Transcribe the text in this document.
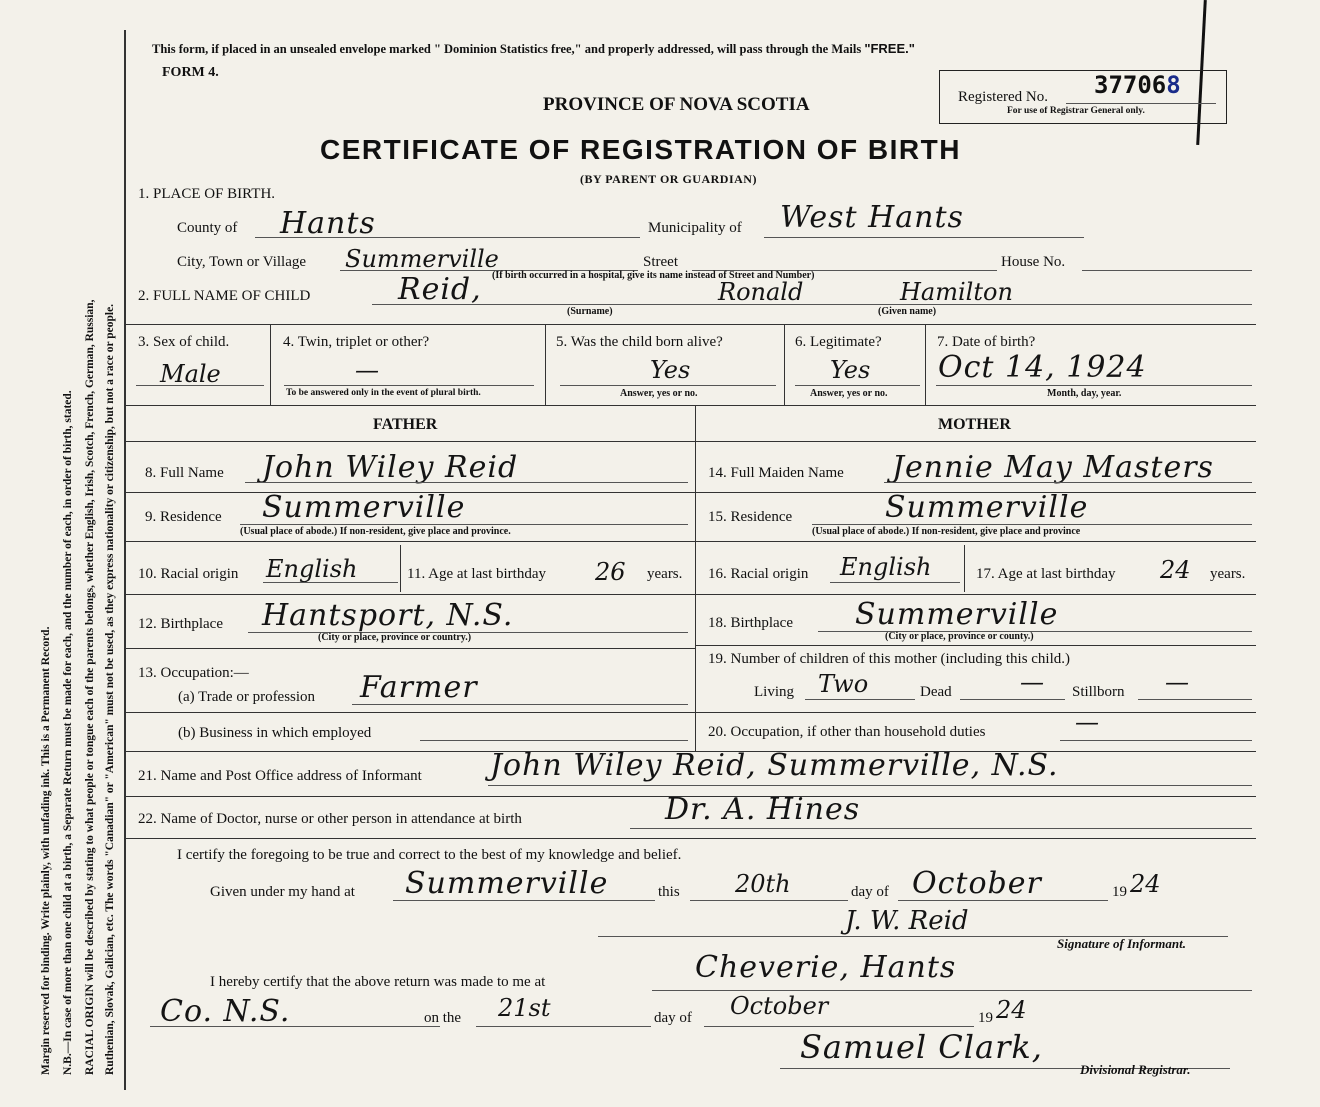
Margin reserved for binding. Write plainly, with unfading ink. This is a Permanent Record. N.B.—In case of more than one child at a birth, a Separate Return must be made for each, and the number of each, in order of birth, stated. RACIAL ORIGIN will be described by stating to what people or tongue each of the parents belongs, whether English, Irish, Scotch, French, German, Russian, Ruthenian, Slovak, Galician, etc. The words "Canadian" or "American" must not be used, as they express nationality or citizenship, but not a race or people.
This form, if placed in an unsealed envelope marked " Dominion Statistics free," and properly addressed, will pass through the Mails "FREE."
FORM 4.
PROVINCE OF NOVA SCOTIA
CERTIFICATE OF REGISTRATION OF BIRTH
(BY PARENT OR GUARDIAN)
Registered No. 377068
For use of Registrar General only.
1. PLACE OF BIRTH.
County of Hants	Municipality of West Hants
City, Town or Village Summerville	Street	House No.
(If birth occurred in a hospital, give its name instead of Street and Number)
2. FULL NAME OF CHILD	Reid,	Ronald	Hamilton
(Surname)	(Given name)
3. Sex of child.
Male
4. Twin, triplet or other?
—
To be answered only in the event of plural birth.
5. Was the child born alive?
Yes
Answer, yes or no.
6. Legitimate?
Yes
Answer, yes or no.
7. Date of birth?
Oct 14, 1924
Month, day, year.
FATHER
8. Full Name John Wiley Reid
9. Residence Summerville
(Usual place of abode.) If non-resident, give place and province.
10. Racial origin English	11. Age at last birthday 26 years.
12. Birthplace Hantsport, N.S.
(City or place, province or country.)
13. Occupation:—
(a) Trade or profession Farmer
(b) Business in which employed
MOTHER
14. Full Maiden Name Jennie May Masters
15. Residence	Summerville
(Usual place of abode.) If non-resident, give place and province
16. Racial origin English	17. Age at last birthday 24 years.
18. Birthplace Summerville
(City or place, province or county.)
19. Number of children of this mother (including this child.)
Living Two	Dead	— Stillborn —
20. Occupation, if other than household duties	—
21. Name and Post Office address of Informant John Wiley Reid, Summerville, N.S.
22. Name of Doctor, nurse or other person in attendance at birth	Dr. A. Hines
I certify the foregoing to be true and correct to the best of my knowledge and belief.
Given under my hand at Summerville	this 20th	day of October	19 24
J. W. Reid
Signature of Informant.
I hereby certify that the above return was made to me at	Cheverie, Hants
Co. N.S.	on the 21st	day of October	19 24
Samuel Clark,
Divisional Registrar.
